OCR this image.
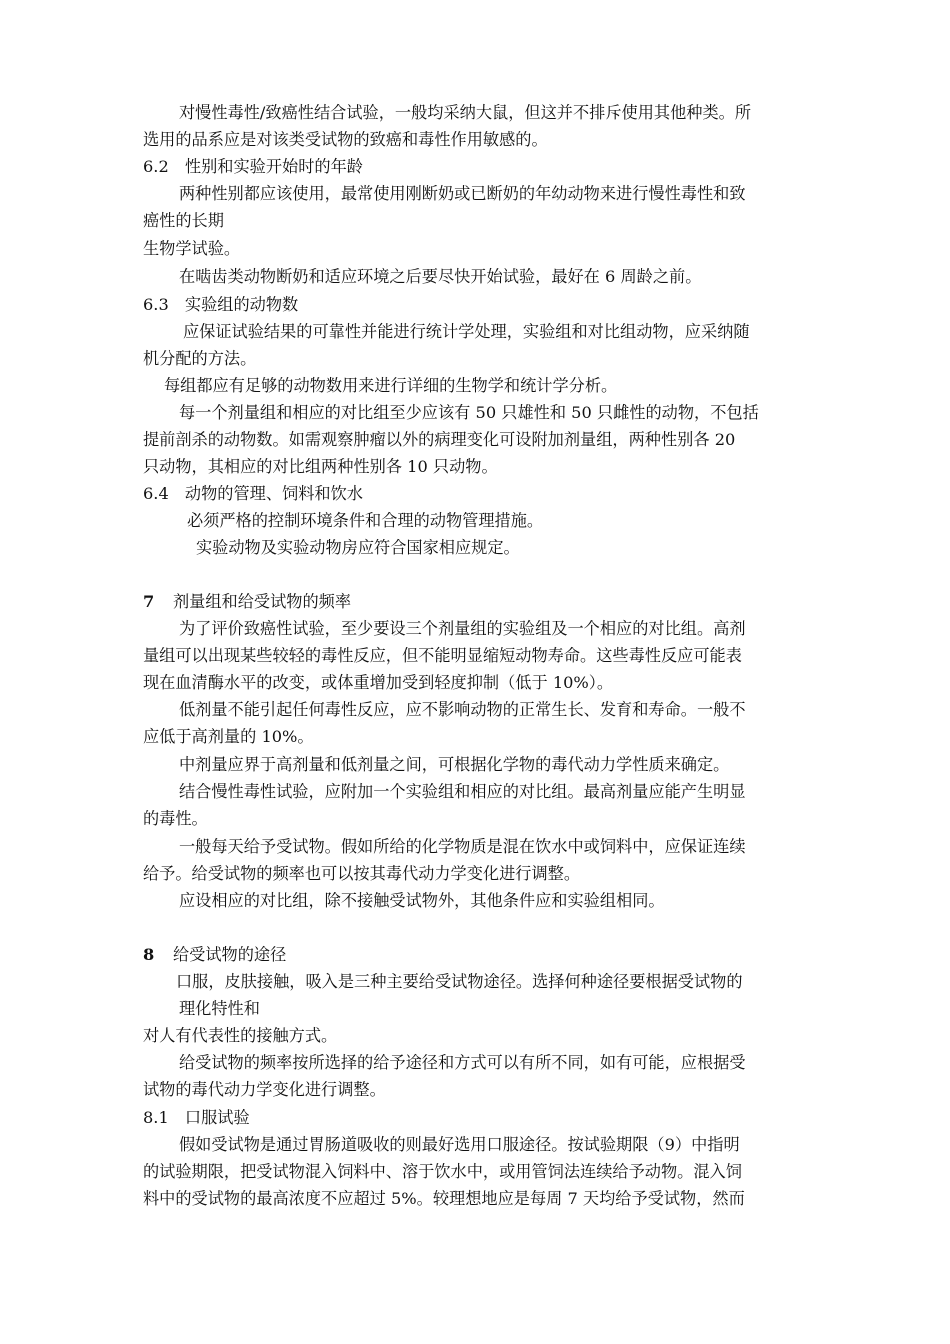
对慢性毒性/致癌性结合试验，一般均采纳大鼠，但这并不排斥使用其他种类。所
选用的品系应是对该类受试物的致癌和毒性作用敏感的。
6.2　性别和实验开始时的年龄
两种性别都应该使用，最常使用刚断奶或已断奶的年幼动物来进行慢性毒性和致
癌性的长期
生物学试验。
在啮齿类动物断奶和适应环境之后要尽快开始试验，最好在 6 周龄之前。
6.3　实验组的动物数
应保证试验结果的可靠性并能进行统计学处理，实验组和对比组动物，应采纳随
机分配的方法。
每组都应有足够的动物数用来进行详细的生物学和统计学分析。
每一个剂量组和相应的对比组至少应该有 50 只雄性和 50 只雌性的动物，不包括
提前剖杀的动物数。如需观察肿瘤以外的病理变化可设附加剂量组，两种性别各 20
只动物，其相应的对比组两种性别各 10 只动物。
6.4　动物的管理、饲料和饮水
必须严格的控制环境条件和合理的动物管理措施。
实验动物及实验动物房应符合国家相应规定。
7 剂量组和给受试物的频率
为了评价致癌性试验，至少要设三个剂量组的实验组及一个相应的对比组。高剂
量组可以出现某些较轻的毒性反应，但不能明显缩短动物寿命。这些毒性反应可能表
现在血清酶水平的改变，或体重增加受到轻度抑制（低于 10%）。
低剂量不能引起任何毒性反应，应不影响动物的正常生长、发育和寿命。一般不
应低于高剂量的 10%。
中剂量应界于高剂量和低剂量之间，可根据化学物的毒代动力学性质来确定。
结合慢性毒性试验，应附加一个实验组和相应的对比组。最高剂量应能产生明显
的毒性。
一般每天给予受试物。假如所给的化学物质是混在饮水中或饲料中，应保证连续
给予。给受试物的频率也可以按其毒代动力学变化进行调整。
应设相应的对比组，除不接触受试物外，其他条件应和实验组相同。
8 给受试物的途径
口服，皮肤接触，吸入是三种主要给受试物途径。选择何种途径要根据受试物的
理化特性和
对人有代表性的接触方式。
给受试物的频率按所选择的给予途径和方式可以有所不同，如有可能，应根据受
试物的毒代动力学变化进行调整。
8.1　口服试验
假如受试物是通过胃肠道吸收的则最好选用口服途径。按试验期限（9）中指明
的试验期限，把受试物混入饲料中、溶于饮水中，或用管饲法连续给予动物。混入饲
料中的受试物的最高浓度不应超过 5%。较理想地应是每周 7 天均给予受试物，然而
